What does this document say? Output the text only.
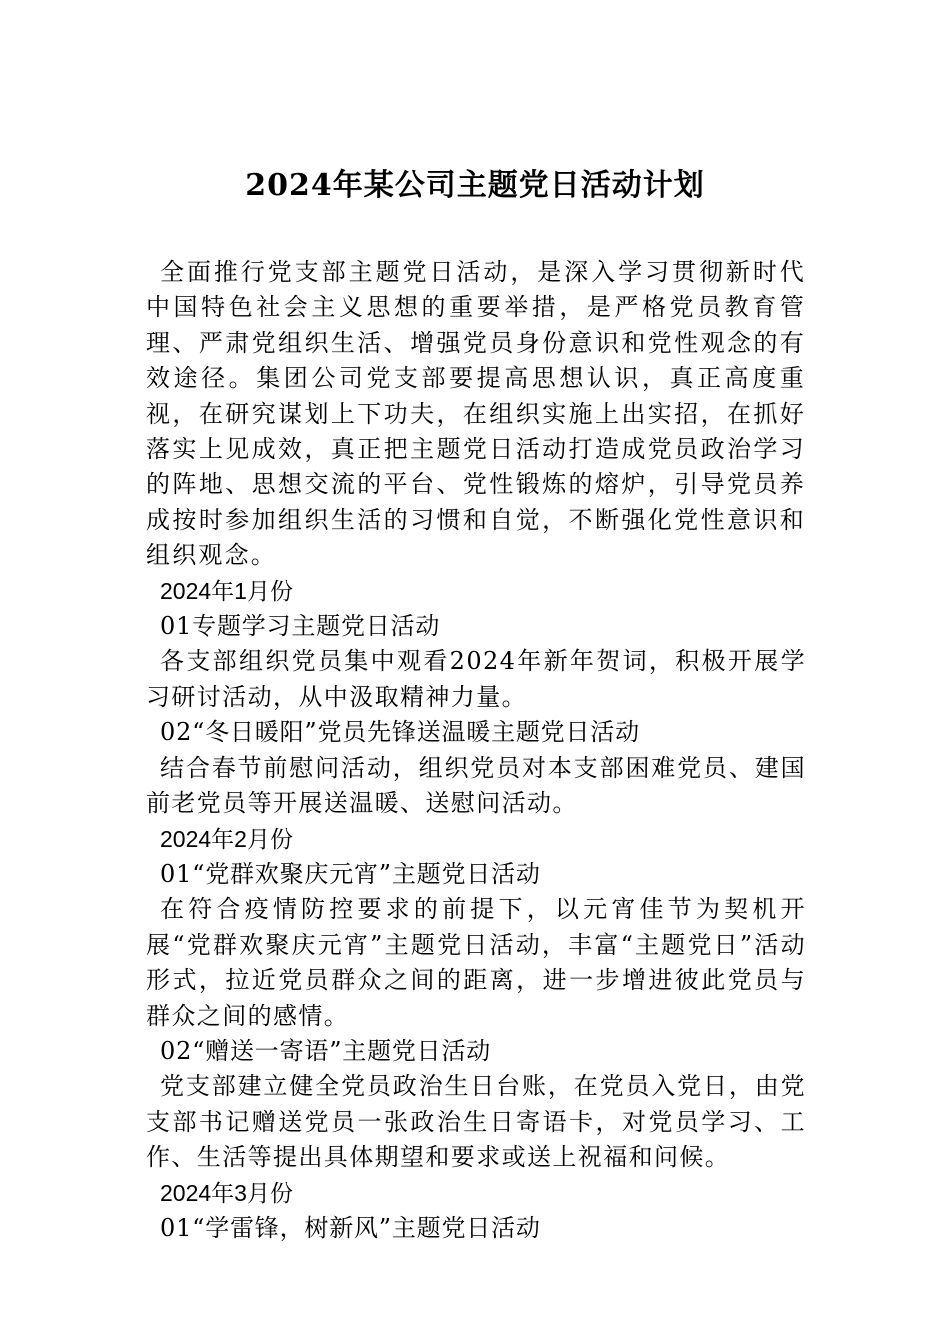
2024年某公司主题党日活动计划

全面推行党支部主题党日活动，是深入学习贯彻新时代中国特色社会主义思想的重要举措，是严格党员教育管理、严肃党组织生活、增强党员身份意识和党性观念的有效途径。集团公司党支部要提高思想认识，真正高度重视，在研究谋划上下功夫，在组织实施上出实招，在抓好落实上见成效，真正把主题党日活动打造成党员政治学习的阵地、思想交流的平台、党性锻炼的熔炉，引导党员养成按时参加组织生活的习惯和自觉，不断强化党性意识和组织观念。

2024年1月份

01专题学习主题党日活动

各支部组织党员集中观看2024年新年贺词，积极开展学习研讨活动，从中汲取精神力量。

02“冬日暖阳”党员先锋送温暖主题党日活动

结合春节前慰问活动，组织党员对本支部困难党员、建国前老党员等开展送温暖、送慰问活动。

2024年2月份

01“党群欢聚庆元宵”主题党日活动

在符合疫情防控要求的前提下，以元宵佳节为契机开展“党群欢聚庆元宵”主题党日活动，丰富“主题党日”活动形式，拉近党员群众之间的距离，进一步增进彼此党员与群众之间的感情。

02“赠送一寄语”主题党日活动

党支部建立健全党员政治生日台账，在党员入党日，由党支部书记赠送党员一张政治生日寄语卡，对党员学习、工作、生活等提出具体期望和要求或送上祝福和问候。

2024年3月份

01“学雷锋，树新风”主题党日活动
